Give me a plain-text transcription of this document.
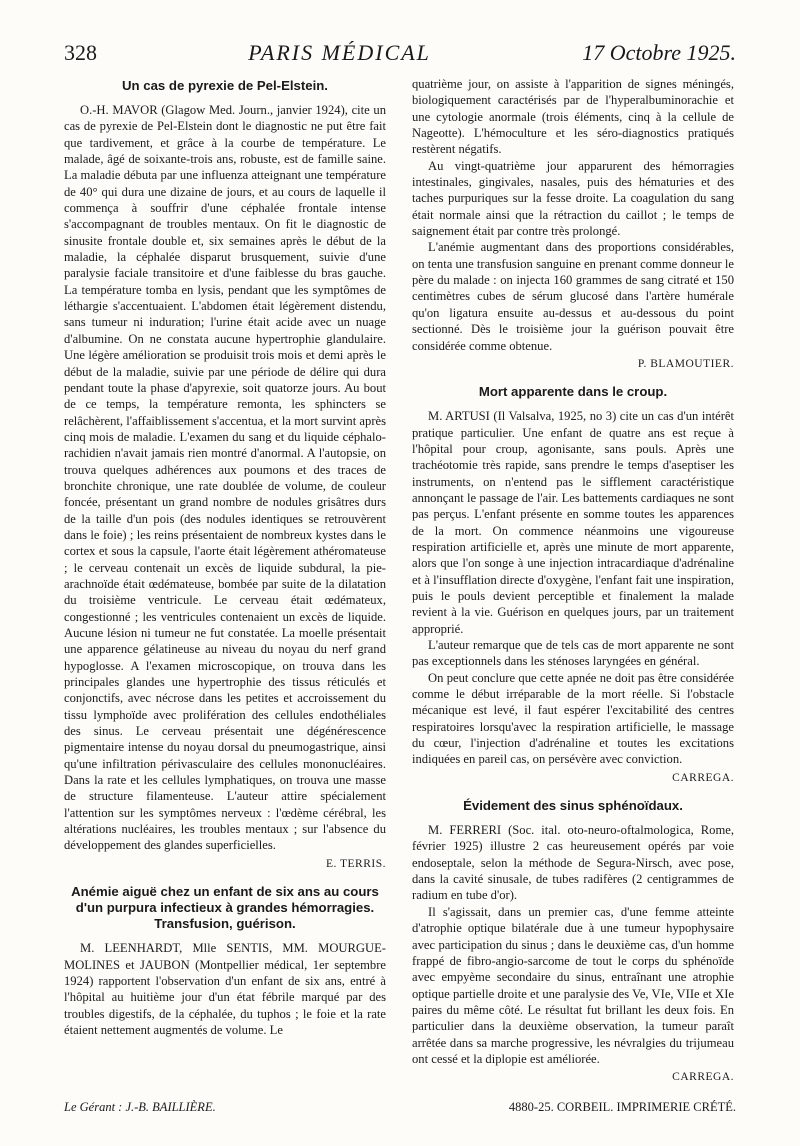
328	PARIS MÉDICAL	17 Octobre 1925.
Un cas de pyrexie de Pel-Elstein.

O.-H. MAVOR (Glagow Med. Journ., janvier 1924), cite un cas de pyrexie de Pel-Elstein dont le diagnostic ne put être fait que tardivement, et grâce à la courbe de température. Le malade, âgé de soixante-trois ans, robuste, est de famille saine. La maladie débuta par une influenza atteignant une température de 40° qui dura une dizaine de jours, et au cours de laquelle il commença à souffrir d'une céphalée frontale intense s'accompagnant de troubles mentaux. On fit le diagnostic de sinusite frontale double et, six semaines après le début de la maladie, la céphalée disparut brusquement, suivie d'une paralysie faciale transitoire et d'une faiblesse du bras gauche. La température tomba en lysis, pendant que les symptômes de léthargie s'accentuaient. L'abdomen était légèrement distendu, sans tumeur ni induration; l'urine était acide avec un nuage d'albumine. On ne constata aucune hypertrophie glandulaire. Une légère amélioration se produisit trois mois et demi après le début de la maladie, suivie par une période de délire qui dura pendant toute la phase d'apyrexie, soit quatorze jours. Au bout de ce temps, la température remonta, les sphincters se relâchèrent, l'affaiblissement s'accentua, et la mort survint après cinq mois de maladie. L'examen du sang et du liquide céphalo-rachidien n'avait jamais rien montré d'anormal. A l'autopsie, on trouva quelques adhérences aux poumons et des traces de bronchite chronique, une rate doublée de volume, de couleur foncée, présentant un grand nombre de nodules grisâtres durs de la taille d'un pois (des nodules identiques se retrouvèrent dans le foie) ; les reins présentaient de nombreux kystes dans le cortex et sous la capsule, l'aorte était légèrement athéromateuse ; le cerveau contenait un excès de liquide subdural, la pie-arachnoïde était œdémateuse, bombée par suite de la dilatation du troisième ventricule. Le cerveau était œdémateux, congestionné ; les ventricules contenaient un excès de liquide. Aucune lésion ni tumeur ne fut constatée. La moelle présentait une apparence gélatineuse au niveau du noyau du nerf grand hypoglosse. A l'examen microscopique, on trouva dans les principales glandes une hypertrophie des tissus réticulés et conjonctifs, avec nécrose dans les petites et accroissement du tissu lymphoïde avec prolifération des cellules endothéliales des sinus. Le cerveau présentait une dégénérescence pigmentaire intense du noyau dorsal du pneumogastrique, ainsi qu'une infiltration périvasculaire des cellules mononucléaires. Dans la rate et les cellules lymphatiques, on trouva une masse de structure filamenteuse. L'auteur attire spécialement l'attention sur les symptômes nerveux : l'œdème cérébral, les altérations nucléaires, les troubles mentaux ; sur l'absence du développement des glandes superficielles.

E. TERRIS.
Anémie aiguë chez un enfant de six ans au cours d'un purpura infectieux à grandes hémorragies. Transfusion, guérison.

M. LEENHARDT, Mlle SENTIS, MM. MOURGUE-MOLINES et JAUBON (Montpellier médical, 1er septembre 1924) rapportent l'observation d'un enfant de six ans, entré à l'hôpital au huitième jour d'un état fébrile marqué par des troubles digestifs, de la céphalée, du tuphos ; le foie et la rate étaient nettement augmentés de volume. Le

quatrième jour, on assiste à l'apparition de signes méningés, biologiquement caractérisés par de l'hyperalbuminorachie et une cytologie anormale (trois éléments, cinq à la cellule de Nageotte). L'hémoculture et les séro-diagnostics pratiqués restèrent négatifs.

Au vingt-quatrième jour apparurent des hémorragies intestinales, gingivales, nasales, puis des hématuries et des taches purpuriques sur la fesse droite. La coagulation du sang était normale ainsi que la rétraction du caillot ; le temps de saignement était par contre très prolongé.

L'anémie augmentant dans des proportions considérables, on tenta une transfusion sanguine en prenant comme donneur le père du malade : on injecta 160 grammes de sang citraté et 150 centimètres cubes de sérum glucosé dans l'artère humérale qu'on ligatura ensuite au-dessus et au-dessous du point sectionné. Dès le troisième jour la guérison pouvait être considérée comme obtenue.

P. BLAMOUTIER.
Mort apparente dans le croup.

M. ARTUSI (Il Valsalva, 1925, no 3) cite un cas d'un intérêt pratique particulier. Une enfant de quatre ans est reçue à l'hôpital pour croup, agonisante, sans pouls. Après une trachéotomie très rapide, sans prendre le temps d'aseptiser les instruments, on n'entend pas le sifflement caractéristique annonçant le passage de l'air. Les battements cardiaques ne sont pas perçus. L'enfant présente en somme toutes les apparences de la mort. On commence néanmoins une vigoureuse respiration artificielle et, après une minute de mort apparente, alors que l'on songe à une injection intracardiaque d'adrénaline et à l'insufflation directe d'oxygène, l'enfant fait une inspiration, puis le pouls devient perceptible et finalement la malade revient à la vie. Guérison en quelques jours, par un traitement approprié.

L'auteur remarque que de tels cas de mort apparente ne sont pas exceptionnels dans les sténoses laryngées en général.

On peut conclure que cette apnée ne doit pas être considérée comme le début irréparable de la mort réelle. Si l'obstacle mécanique est levé, il faut espérer l'excitabilité des centres respiratoires lorsqu'avec la respiration artificielle, le massage du cœur, l'injection d'adrénaline et toutes les excitations indiquées en pareil cas, on persévère avec conviction.

CARREGA.
Évidement des sinus sphénoïdaux.

M. FERRERI (Soc. ital. oto-neuro-oftalmologica, Rome, février 1925) illustre 2 cas heureusement opérés par voie endoseptale, selon la méthode de Segura-Nirsch, avec pose, dans la cavité sinusale, de tubes radifères (2 centigrammes de radium en tube d'or).

Il s'agissait, dans un premier cas, d'une femme atteinte d'atrophie optique bilatérale due à une tumeur hypophysaire avec participation du sinus ; dans le deuxième cas, d'un homme frappé de fibro-angio-sarcome de tout le corps du sphénoïde avec empyème secondaire du sinus, entraînant une atrophie optique partielle droite et une paralysie des Ve, VIe, VIIe et XIe paires du même côté. Le résultat fut brillant les deux fois. En particulier dans la deuxième observation, la tumeur paraît arrêtée dans sa marche progressive, les névralgies du trijumeau ont cessé et la diplopie est améliorée.

CARREGA.
Le Gérant : J.-B. BAILLIÈRE.	4880-25. CORBEIL. IMPRIMERIE CRÉTÉ.
